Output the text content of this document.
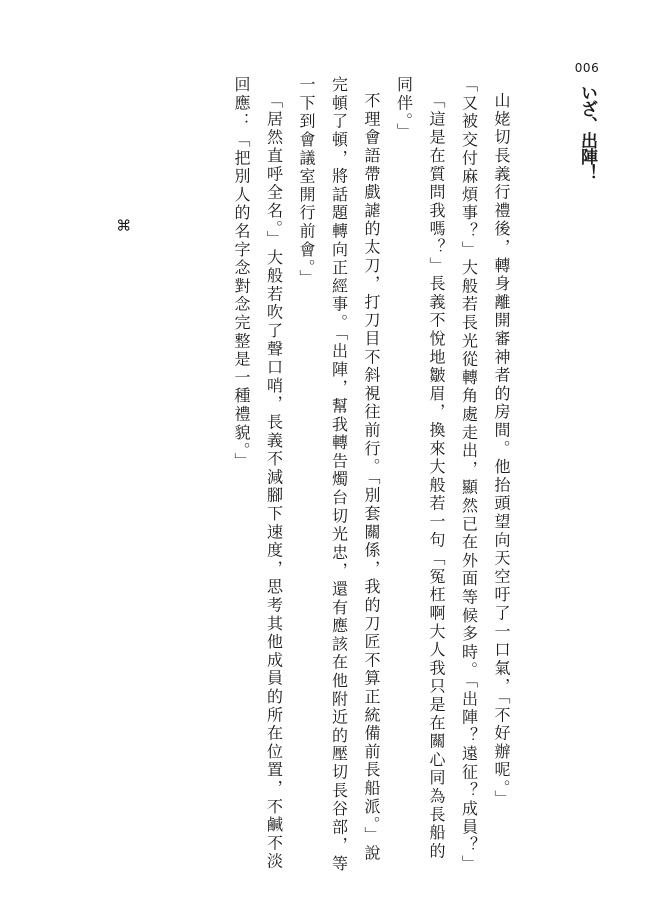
006
いざ、出陣！

山姥切長義行禮後，轉身離開審神者的房間。他抬頭望向天空吁了一口氣，「不好辦呢。」

「又被交付麻煩事？」大般若長光從轉角處走出，顯然已在外面等候多時。「出陣？遠征？成員？」

「這是在質問我嗎？」長義不悅地皺眉，換來大般若一句「冤枉啊大人我只是在關心同為長船的同伴。」

不理會語帶戲謔的太刀，打刀目不斜視往前行。「別套關係，我的刀匠不算正統備前長船派。」說完頓了頓，將話題轉向正經事。「出陣，幫我轉告燭台切光忠，還有應該在他附近的壓切長谷部，等一下到會議室開行前會。」

「居然直呼全名。」大般若吹了聲口哨，長義不減腳下速度，思考其他成員的所在位置，不鹹不淡回應：「把別人的名字念對念完整是一種禮貌。」

⌘
